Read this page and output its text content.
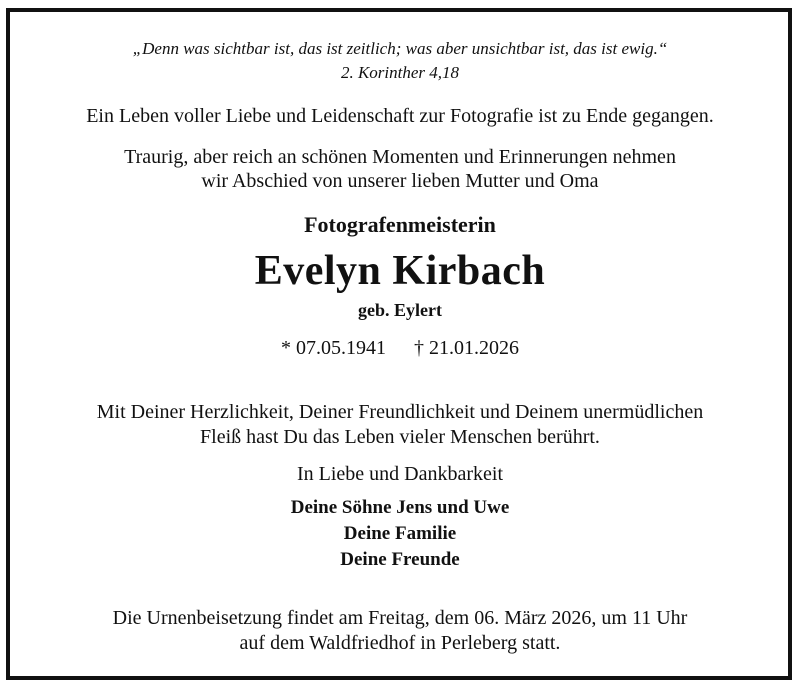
„Denn was sichtbar ist, das ist zeitlich; was aber unsichtbar ist, das ist ewig.“
2. Korinther 4,18
Ein Leben voller Liebe und Leidenschaft zur Fotografie ist zu Ende gegangen.
Traurig, aber reich an schönen Momenten und Erinnerungen nehmen
wir Abschied von unserer lieben Mutter und Oma
Fotografenmeisterin
Evelyn Kirbach
geb. Eylert
* 07.05.1941 † 21.01.2026
Mit Deiner Herzlichkeit, Deiner Freundlichkeit und Deinem unermüdlichen
Fleiß hast Du das Leben vieler Menschen berührt.
In Liebe und Dankbarkeit
Deine Söhne Jens und Uwe
Deine Familie
Deine Freunde
Die Urnenbeisetzung findet am Freitag, dem 06. März 2026, um 11 Uhr
auf dem Waldfriedhof in Perleberg statt.
